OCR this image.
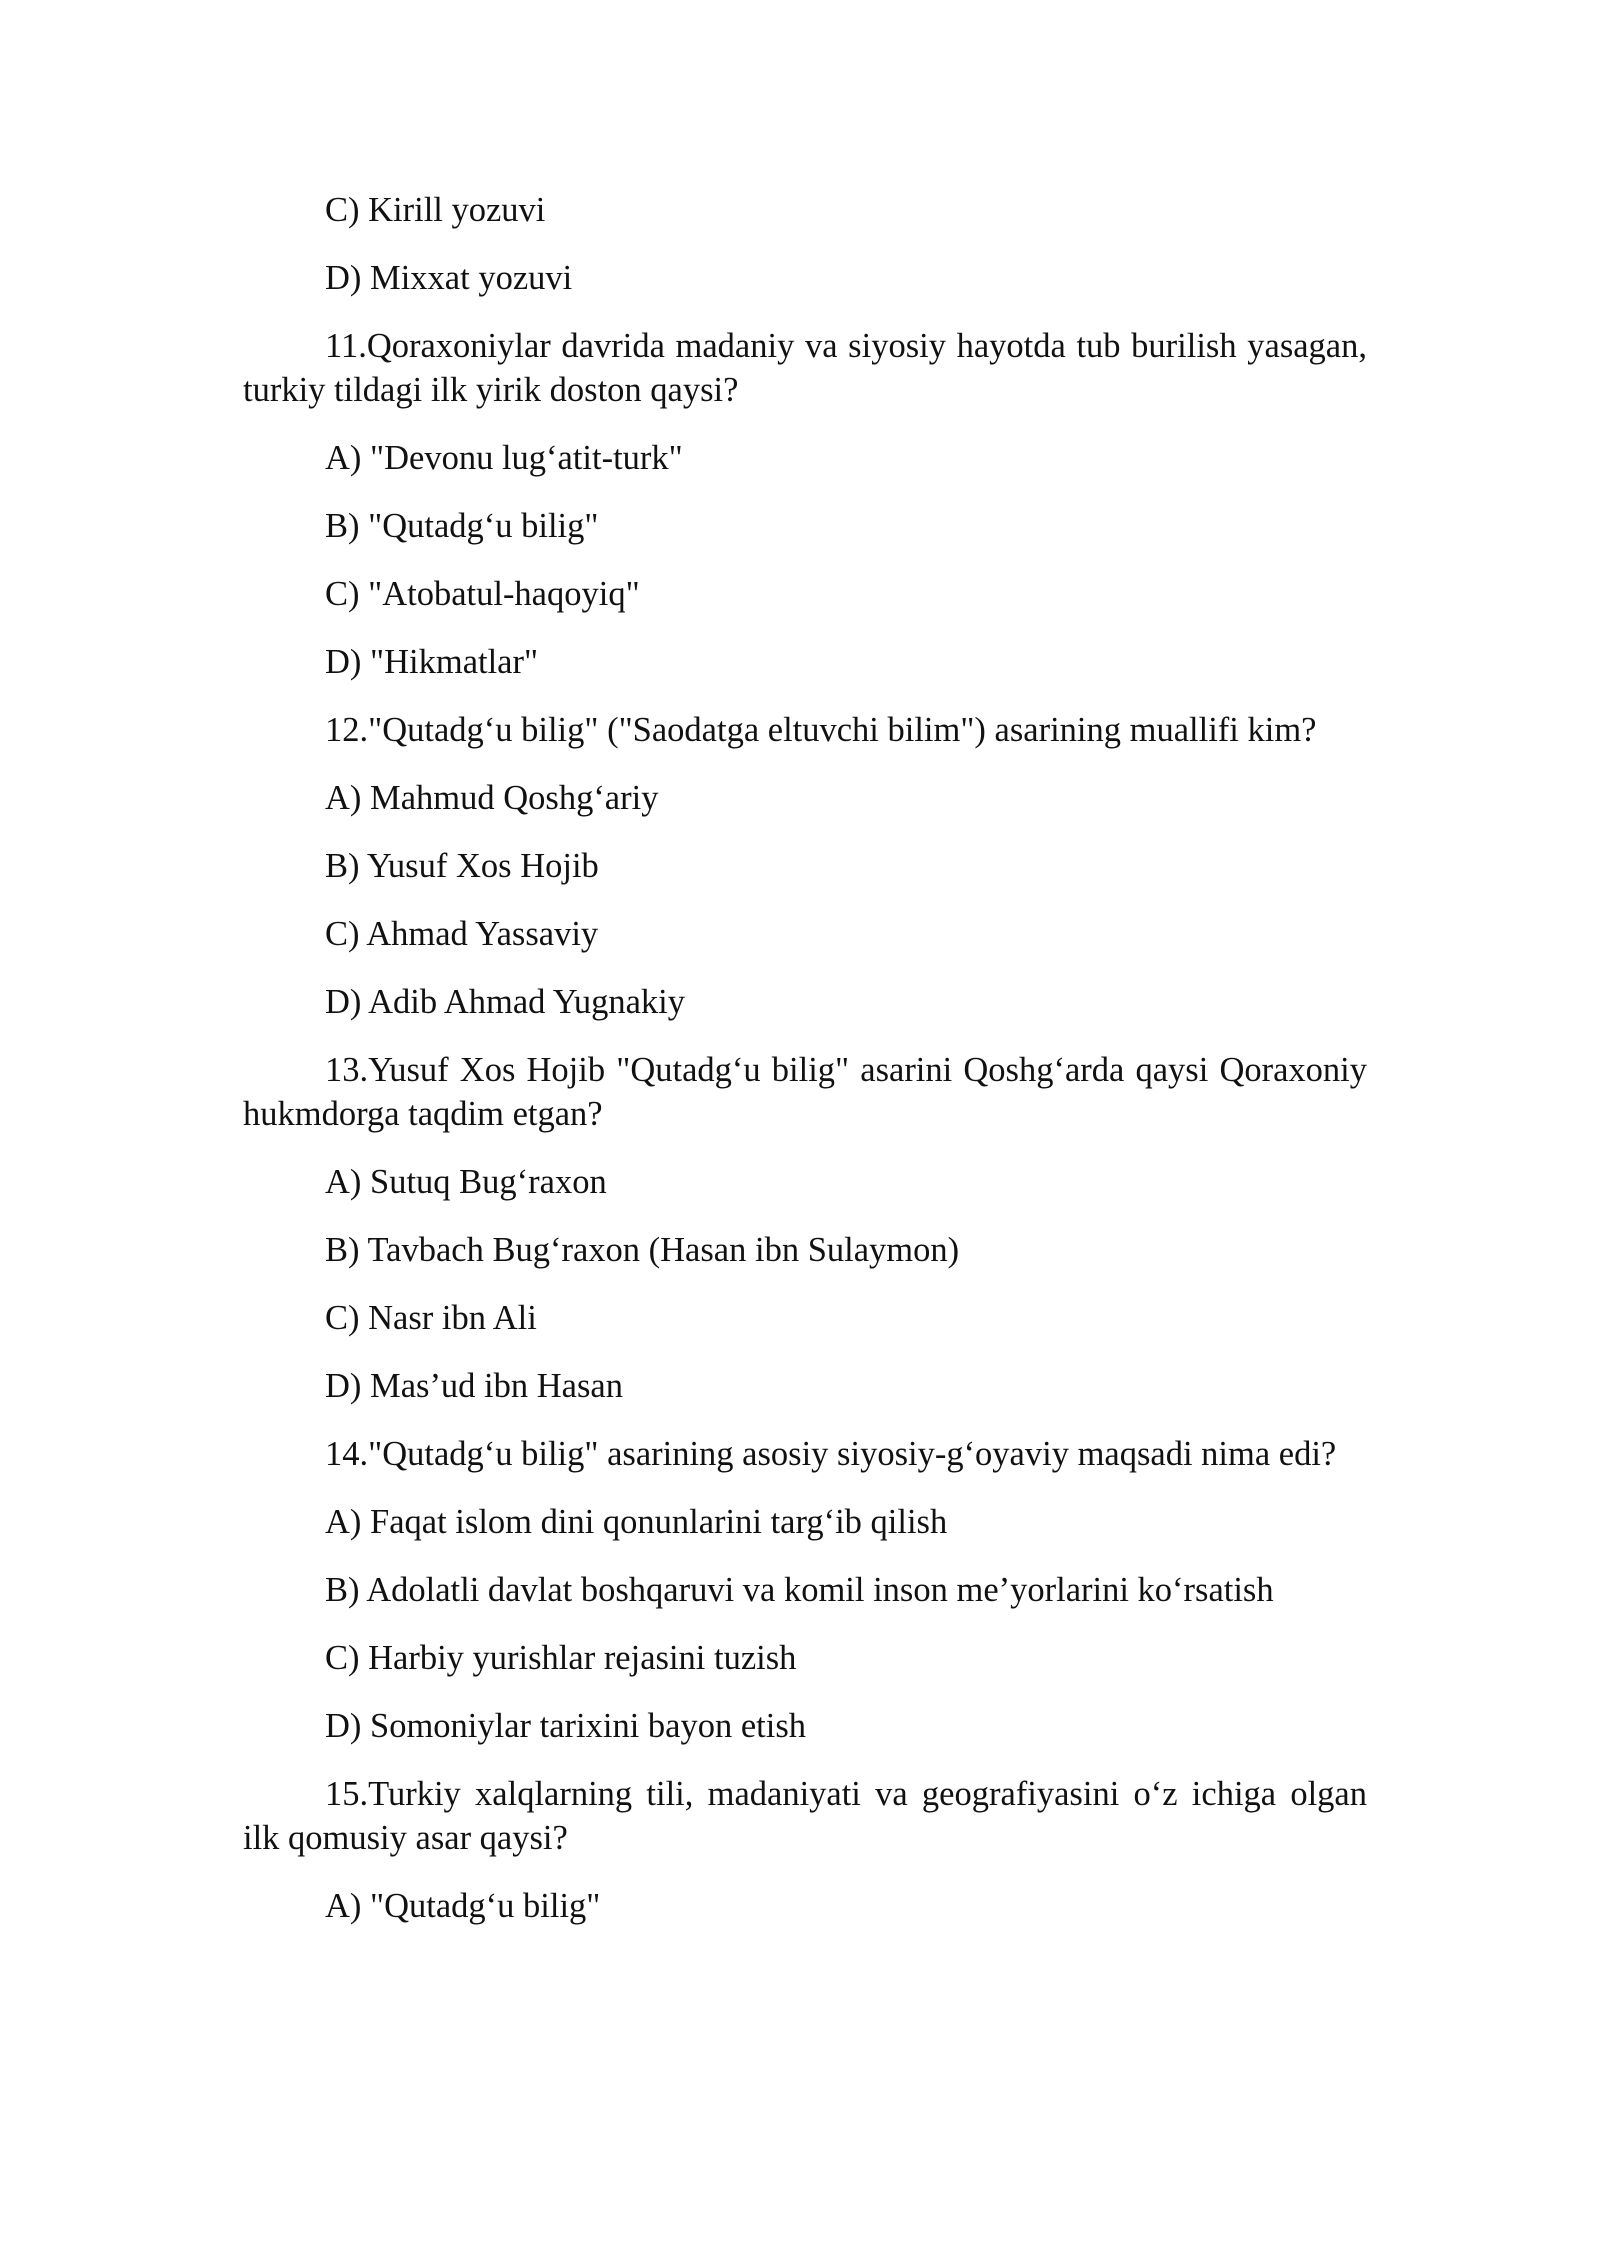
C) Kirill yozuvi

D) Mixxat yozuvi

11.Qoraxoniylar davrida madaniy va siyosiy hayotda tub burilish yasagan, turkiy tildagi ilk yirik doston qaysi?

A) "Devonu lug‘atit-turk"

B) "Qutadg‘u bilig"

C) "Atobatul-haqoyiq"

D) "Hikmatlar"

12."Qutadg‘u bilig" ("Saodatga eltuvchi bilim") asarining muallifi kim?

A) Mahmud Qoshg‘ariy

B) Yusuf Xos Hojib

C) Ahmad Yassaviy

D) Adib Ahmad Yugnakiy

13.Yusuf Xos Hojib "Qutadg‘u bilig" asarini Qoshg‘arda qaysi Qoraxoniy hukmdorga taqdim etgan?

A) Sutuq Bug‘raxon

B) Tavbach Bug‘raxon (Hasan ibn Sulaymon)

C) Nasr ibn Ali

D) Mas’ud ibn Hasan

14."Qutadg‘u bilig" asarining asosiy siyosiy-g‘oyaviy maqsadi nima edi?

A) Faqat islom dini qonunlarini targ‘ib qilish

B) Adolatli davlat boshqaruvi va komil inson me’yorlarini ko‘rsatish

C) Harbiy yurishlar rejasini tuzish

D) Somoniylar tarixini bayon etish

15.Turkiy xalqlarning tili, madaniyati va geografiyasini o‘z ichiga olgan ilk qomusiy asar qaysi?

A) "Qutadg‘u bilig"
